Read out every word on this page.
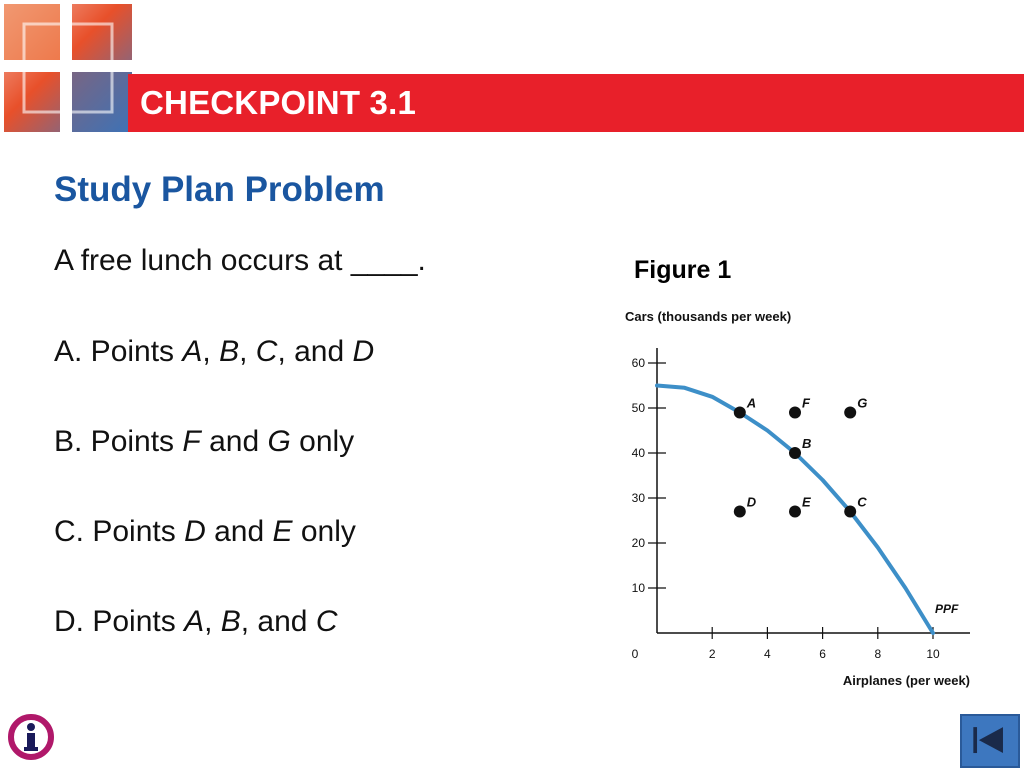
CHECKPOINT 3.1
Study Plan Problem
A free lunch occurs at ____.
A. Points A, B, C, and D
B. Points F and G only
C. Points D and E only
D. Points A, B, and C
Figure 1
Cars (thousands per week)
10
20
30
40
50
60
2	4	6	8	10
0
Airplanes (per week)
PPF
A
B
C
D	E
F	G
